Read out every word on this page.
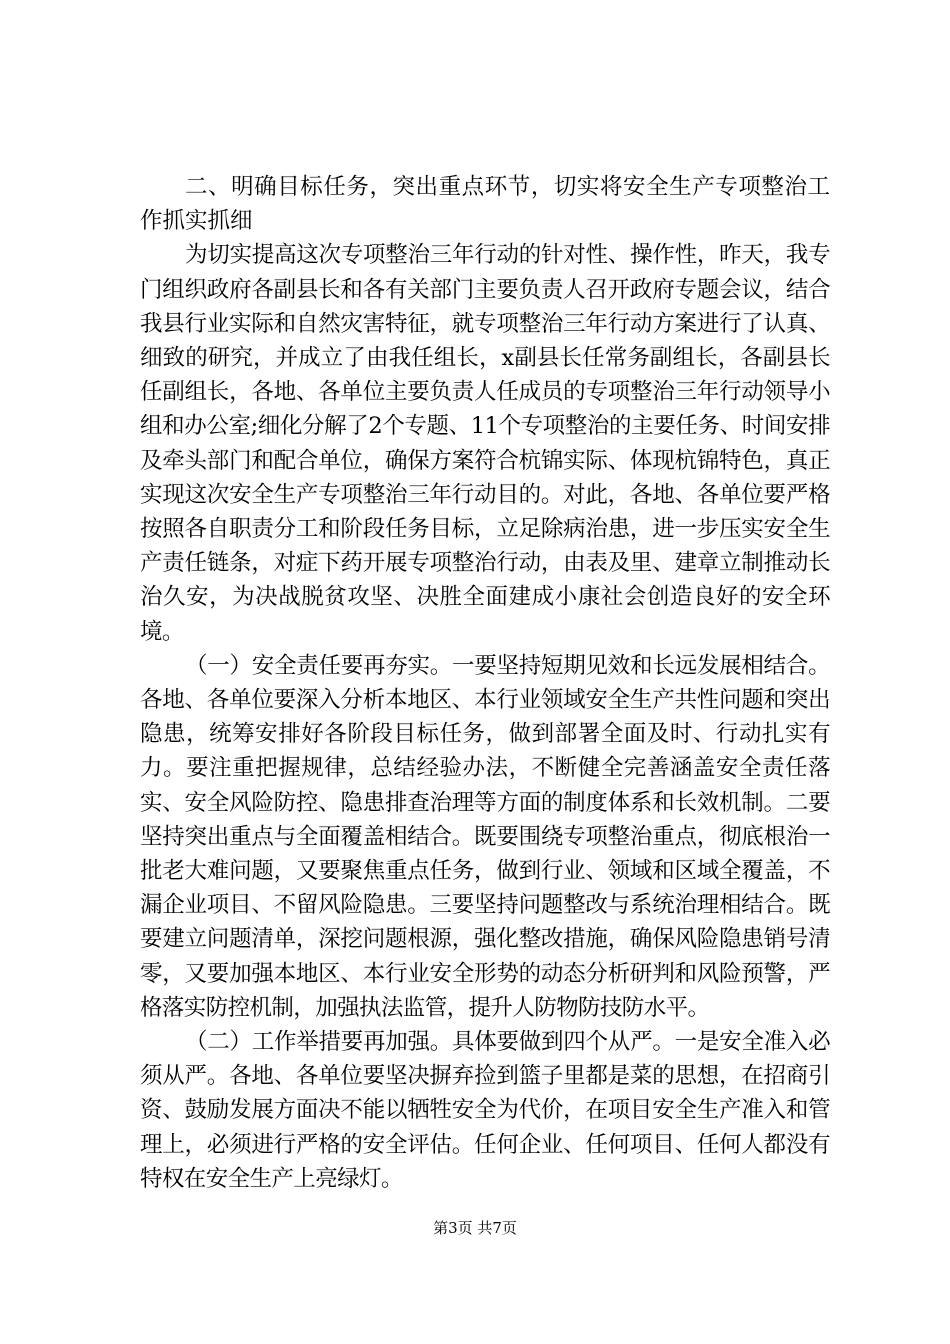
二、明确目标任务，突出重点环节，切实将安全生产专项整治工作抓实抓细

为切实提高这次专项整治三年行动的针对性、操作性，昨天，我专门组织政府各副县长和各有关部门主要负责人召开政府专题会议，结合我县行业实际和自然灾害特征，就专项整治三年行动方案进行了认真、细致的研究，并成立了由我任组长，x副县长任常务副组长，各副县长任副组长，各地、各单位主要负责人任成员的专项整治三年行动领导小组和办公室;细化分解了2个专题、11个专项整治的主要任务、时间安排及牵头部门和配合单位，确保方案符合杭锦实际、体现杭锦特色，真正实现这次安全生产专项整治三年行动目的。对此，各地、各单位要严格按照各自职责分工和阶段任务目标，立足除病治患，进一步压实安全生产责任链条，对症下药开展专项整治行动，由表及里、建章立制推动长治久安，为决战脱贫攻坚、决胜全面建成小康社会创造良好的安全环境。

（一）安全责任要再夯实。一要坚持短期见效和长远发展相结合。各地、各单位要深入分析本地区、本行业领域安全生产共性问题和突出隐患，统筹安排好各阶段目标任务，做到部署全面及时、行动扎实有力。要注重把握规律，总结经验办法，不断健全完善涵盖安全责任落实、安全风险防控、隐患排查治理等方面的制度体系和长效机制。二要坚持突出重点与全面覆盖相结合。既要围绕专项整治重点，彻底根治一批老大难问题，又要聚焦重点任务，做到行业、领域和区域全覆盖，不漏企业项目、不留风险隐患。三要坚持问题整改与系统治理相结合。既要建立问题清单，深挖问题根源，强化整改措施，确保风险隐患销号清零，又要加强本地区、本行业安全形势的动态分析研判和风险预警，严格落实防控机制，加强执法监管，提升人防物防技防水平。

（二）工作举措要再加强。具体要做到四个从严。一是安全准入必须从严。各地、各单位要坚决摒弃捡到篮子里都是菜的思想，在招商引资、鼓励发展方面决不能以牺牲安全为代价，在项目安全生产准入和管理上，必须进行严格的安全评估。任何企业、任何项目、任何人都没有特权在安全生产上亮绿灯。

第3页 共7页
